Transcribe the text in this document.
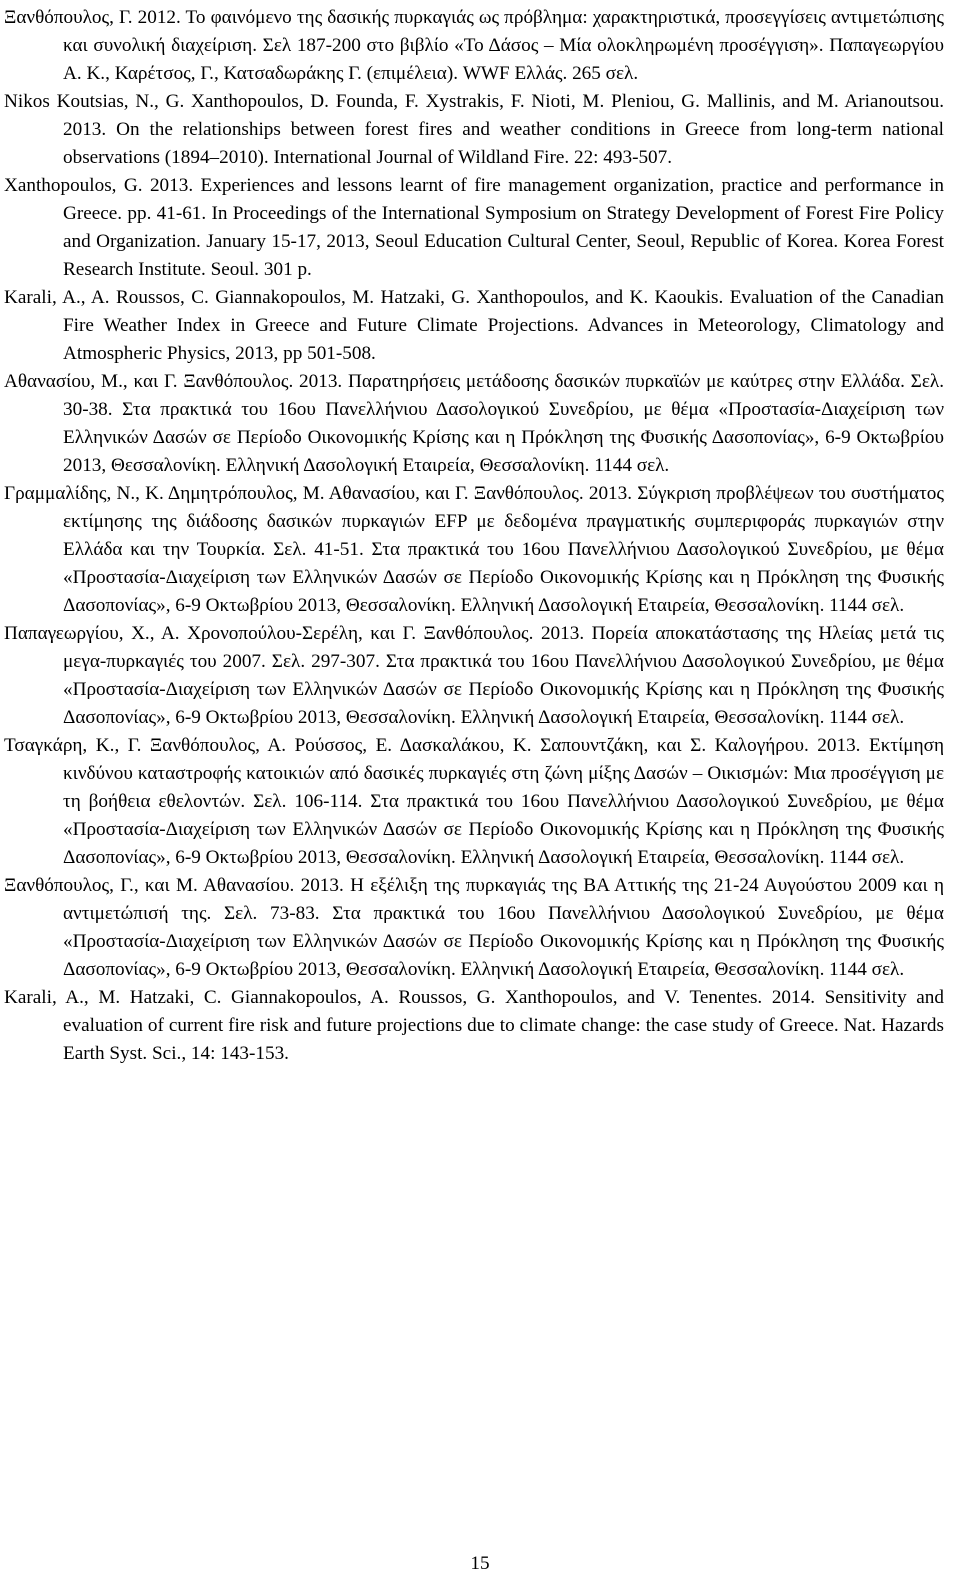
Ξανθόπουλος, Γ. 2012. Το φαινόμενο της δασικής πυρκαγιάς ως πρόβλημα: χαρακτηριστικά, προσεγγίσεις αντιμετώπισης και συνολική διαχείριση. Σελ 187-200 στο βιβλίο «Το Δάσος – Μία ολοκληρωμένη προσέγγιση». Παπαγεωργίου Α. Κ., Καρέτσος, Γ., Κατσαδωράκης Γ. (επιμέλεια). WWF Ελλάς. 265 σελ.

Nikos Koutsias, N., G. Xanthopoulos, D. Founda, F. Xystrakis, F. Nioti, M. Pleniou, G. Mallinis, and M. Arianoutsou. 2013. On the relationships between forest fires and weather conditions in Greece from long-term national observations (1894–2010). International Journal of Wildland Fire. 22: 493-507.

Xanthopoulos, G. 2013. Experiences and lessons learnt of fire management organization, practice and performance in Greece. pp. 41-61. In Proceedings of the International Symposium on Strategy Development of Forest Fire Policy and Organization. January 15-17, 2013, Seoul Education Cultural Center, Seoul, Republic of Korea. Korea Forest Research Institute. Seoul. 301 p.

Karali, A., A. Roussos, C. Giannakopoulos, M. Hatzaki, G. Xanthopoulos, and K. Kaoukis. Evaluation of the Canadian Fire Weather Index in Greece and Future Climate Projections. Advances in Meteorology, Climatology and Atmospheric Physics, 2013, pp 501-508.

Αθανασίου, Μ., και Γ. Ξανθόπουλος. 2013. Παρατηρήσεις μετάδοσης δασικών πυρκαϊών με καύτρες στην Ελλάδα. Σελ. 30-38. Στα πρακτικά του 16ου Πανελλήνιου Δασολογικού Συνεδρίου, με θέμα «Προστασία-Διαχείριση των Ελληνικών Δασών σε Περίοδο Οικονομικής Κρίσης και η Πρόκληση της Φυσικής Δασοπονίας», 6-9 Οκτωβρίου 2013, Θεσσαλονίκη. Ελληνική Δασολογική Εταιρεία, Θεσσαλονίκη. 1144 σελ.

Γραμμαλίδης, Ν., Κ. Δημητρόπουλος, Μ. Αθανασίου, και Γ. Ξανθόπουλος. 2013. Σύγκριση προβλέψεων του συστήματος εκτίμησης της διάδοσης δασικών πυρκαγιών EFP με δεδομένα πραγματικής συμπεριφοράς πυρκαγιών στην Ελλάδα και την Τουρκία. Σελ. 41-51. Στα πρακτικά του 16ου Πανελλήνιου Δασολογικού Συνεδρίου, με θέμα «Προστασία-Διαχείριση των Ελληνικών Δασών σε Περίοδο Οικονομικής Κρίσης και η Πρόκληση της Φυσικής Δασοπονίας», 6-9 Οκτωβρίου 2013, Θεσσαλονίκη. Ελληνική Δασολογική Εταιρεία, Θεσσαλονίκη. 1144 σελ.

Παπαγεωργίου, Χ., Α. Χρονοπούλου-Σερέλη, και Γ. Ξανθόπουλος. 2013. Πορεία αποκατάστασης της Ηλείας μετά τις μεγα-πυρκαγιές του 2007. Σελ. 297-307. Στα πρακτικά του 16ου Πανελλήνιου Δασολογικού Συνεδρίου, με θέμα «Προστασία-Διαχείριση των Ελληνικών Δασών σε Περίοδο Οικονομικής Κρίσης και η Πρόκληση της Φυσικής Δασοπονίας», 6-9 Οκτωβρίου 2013, Θεσσαλονίκη. Ελληνική Δασολογική Εταιρεία, Θεσσαλονίκη. 1144 σελ.

Τσαγκάρη, Κ., Γ. Ξανθόπουλος, Α. Ρούσσος, Ε. Δασκαλάκου, Κ. Σαπουντζάκη, και Σ. Καλογήρου. 2013. Εκτίμηση κινδύνου καταστροφής κατοικιών από δασικές πυρκαγιές στη ζώνη μίξης Δασών – Οικισμών: Μια προσέγγιση με τη βοήθεια εθελοντών. Σελ. 106-114. Στα πρακτικά του 16ου Πανελλήνιου Δασολογικού Συνεδρίου, με θέμα «Προστασία-Διαχείριση των Ελληνικών Δασών σε Περίοδο Οικονομικής Κρίσης και η Πρόκληση της Φυσικής Δασοπονίας», 6-9 Οκτωβρίου 2013, Θεσσαλονίκη. Ελληνική Δασολογική Εταιρεία, Θεσσαλονίκη. 1144 σελ.

Ξανθόπουλος, Γ., και Μ. Αθανασίου. 2013. Η εξέλιξη της πυρκαγιάς της ΒΑ Αττικής της 21-24 Αυγούστου 2009 και η αντιμετώπισή της. Σελ. 73-83. Στα πρακτικά του 16ου Πανελλήνιου Δασολογικού Συνεδρίου, με θέμα «Προστασία-Διαχείριση των Ελληνικών Δασών σε Περίοδο Οικονομικής Κρίσης και η Πρόκληση της Φυσικής Δασοπονίας», 6-9 Οκτωβρίου 2013, Θεσσαλονίκη. Ελληνική Δασολογική Εταιρεία, Θεσσαλονίκη. 1144 σελ.

Karali, A., M. Hatzaki, C. Giannakopoulos, A. Roussos, G. Xanthopoulos, and V. Tenentes. 2014. Sensitivity and evaluation of current fire risk and future projections due to climate change: the case study of Greece. Nat. Hazards Earth Syst. Sci., 14: 143-153.

15
